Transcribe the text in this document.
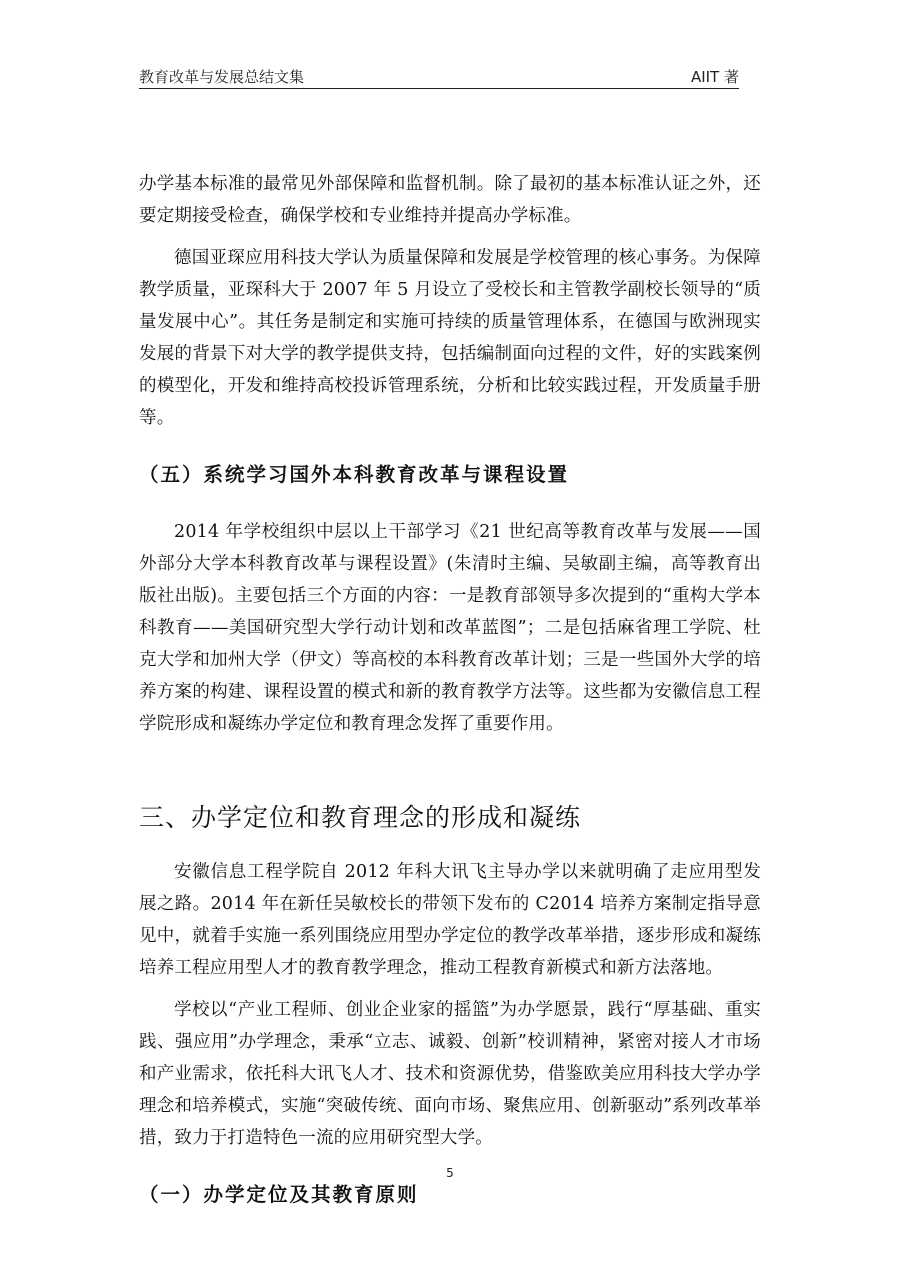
教育改革与发展总结文集	AIIT 著

办学基本标准的最常见外部保障和监督机制。除了最初的基本标准认证之外，还要定期接受检查，确保学校和专业维持并提高办学标准。

德国亚琛应用科技大学认为质量保障和发展是学校管理的核心事务。为保障教学质量，亚琛科大于 2007 年 5 月设立了受校长和主管教学副校长领导的“质量发展中心”。其任务是制定和实施可持续的质量管理体系，在德国与欧洲现实发展的背景下对大学的教学提供支持，包括编制面向过程的文件，好的实践案例的模型化，开发和维持高校投诉管理系统，分析和比较实践过程，开发质量手册等。

（五）系统学习国外本科教育改革与课程设置

2014 年学校组织中层以上干部学习《21 世纪高等教育改革与发展——国外部分大学本科教育改革与课程设置》(朱清时主编、吴敏副主编，高等教育出版社出版)。主要包括三个方面的内容：一是教育部领导多次提到的“重构大学本科教育——美国研究型大学行动计划和改革蓝图”；二是包括麻省理工学院、杜克大学和加州大学（伊文）等高校的本科教育改革计划；三是一些国外大学的培养方案的构建、课程设置的模式和新的教育教学方法等。这些都为安徽信息工程学院形成和凝练办学定位和教育理念发挥了重要作用。

三、办学定位和教育理念的形成和凝练

安徽信息工程学院自 2012 年科大讯飞主导办学以来就明确了走应用型发展之路。2014 年在新任吴敏校长的带领下发布的 C2014 培养方案制定指导意见中，就着手实施一系列围绕应用型办学定位的教学改革举措，逐步形成和凝练培养工程应用型人才的教育教学理念，推动工程教育新模式和新方法落地。

学校以“产业工程师、创业企业家的摇篮”为办学愿景，践行“厚基础、重实践、强应用”办学理念，秉承“立志、诚毅、创新”校训精神，紧密对接人才市场和产业需求，依托科大讯飞人才、技术和资源优势，借鉴欧美应用科技大学办学理念和培养模式，实施“突破传统、面向市场、聚焦应用、创新驱动”系列改革举措，致力于打造特色一流的应用研究型大学。

（一）办学定位及其教育原则
5
